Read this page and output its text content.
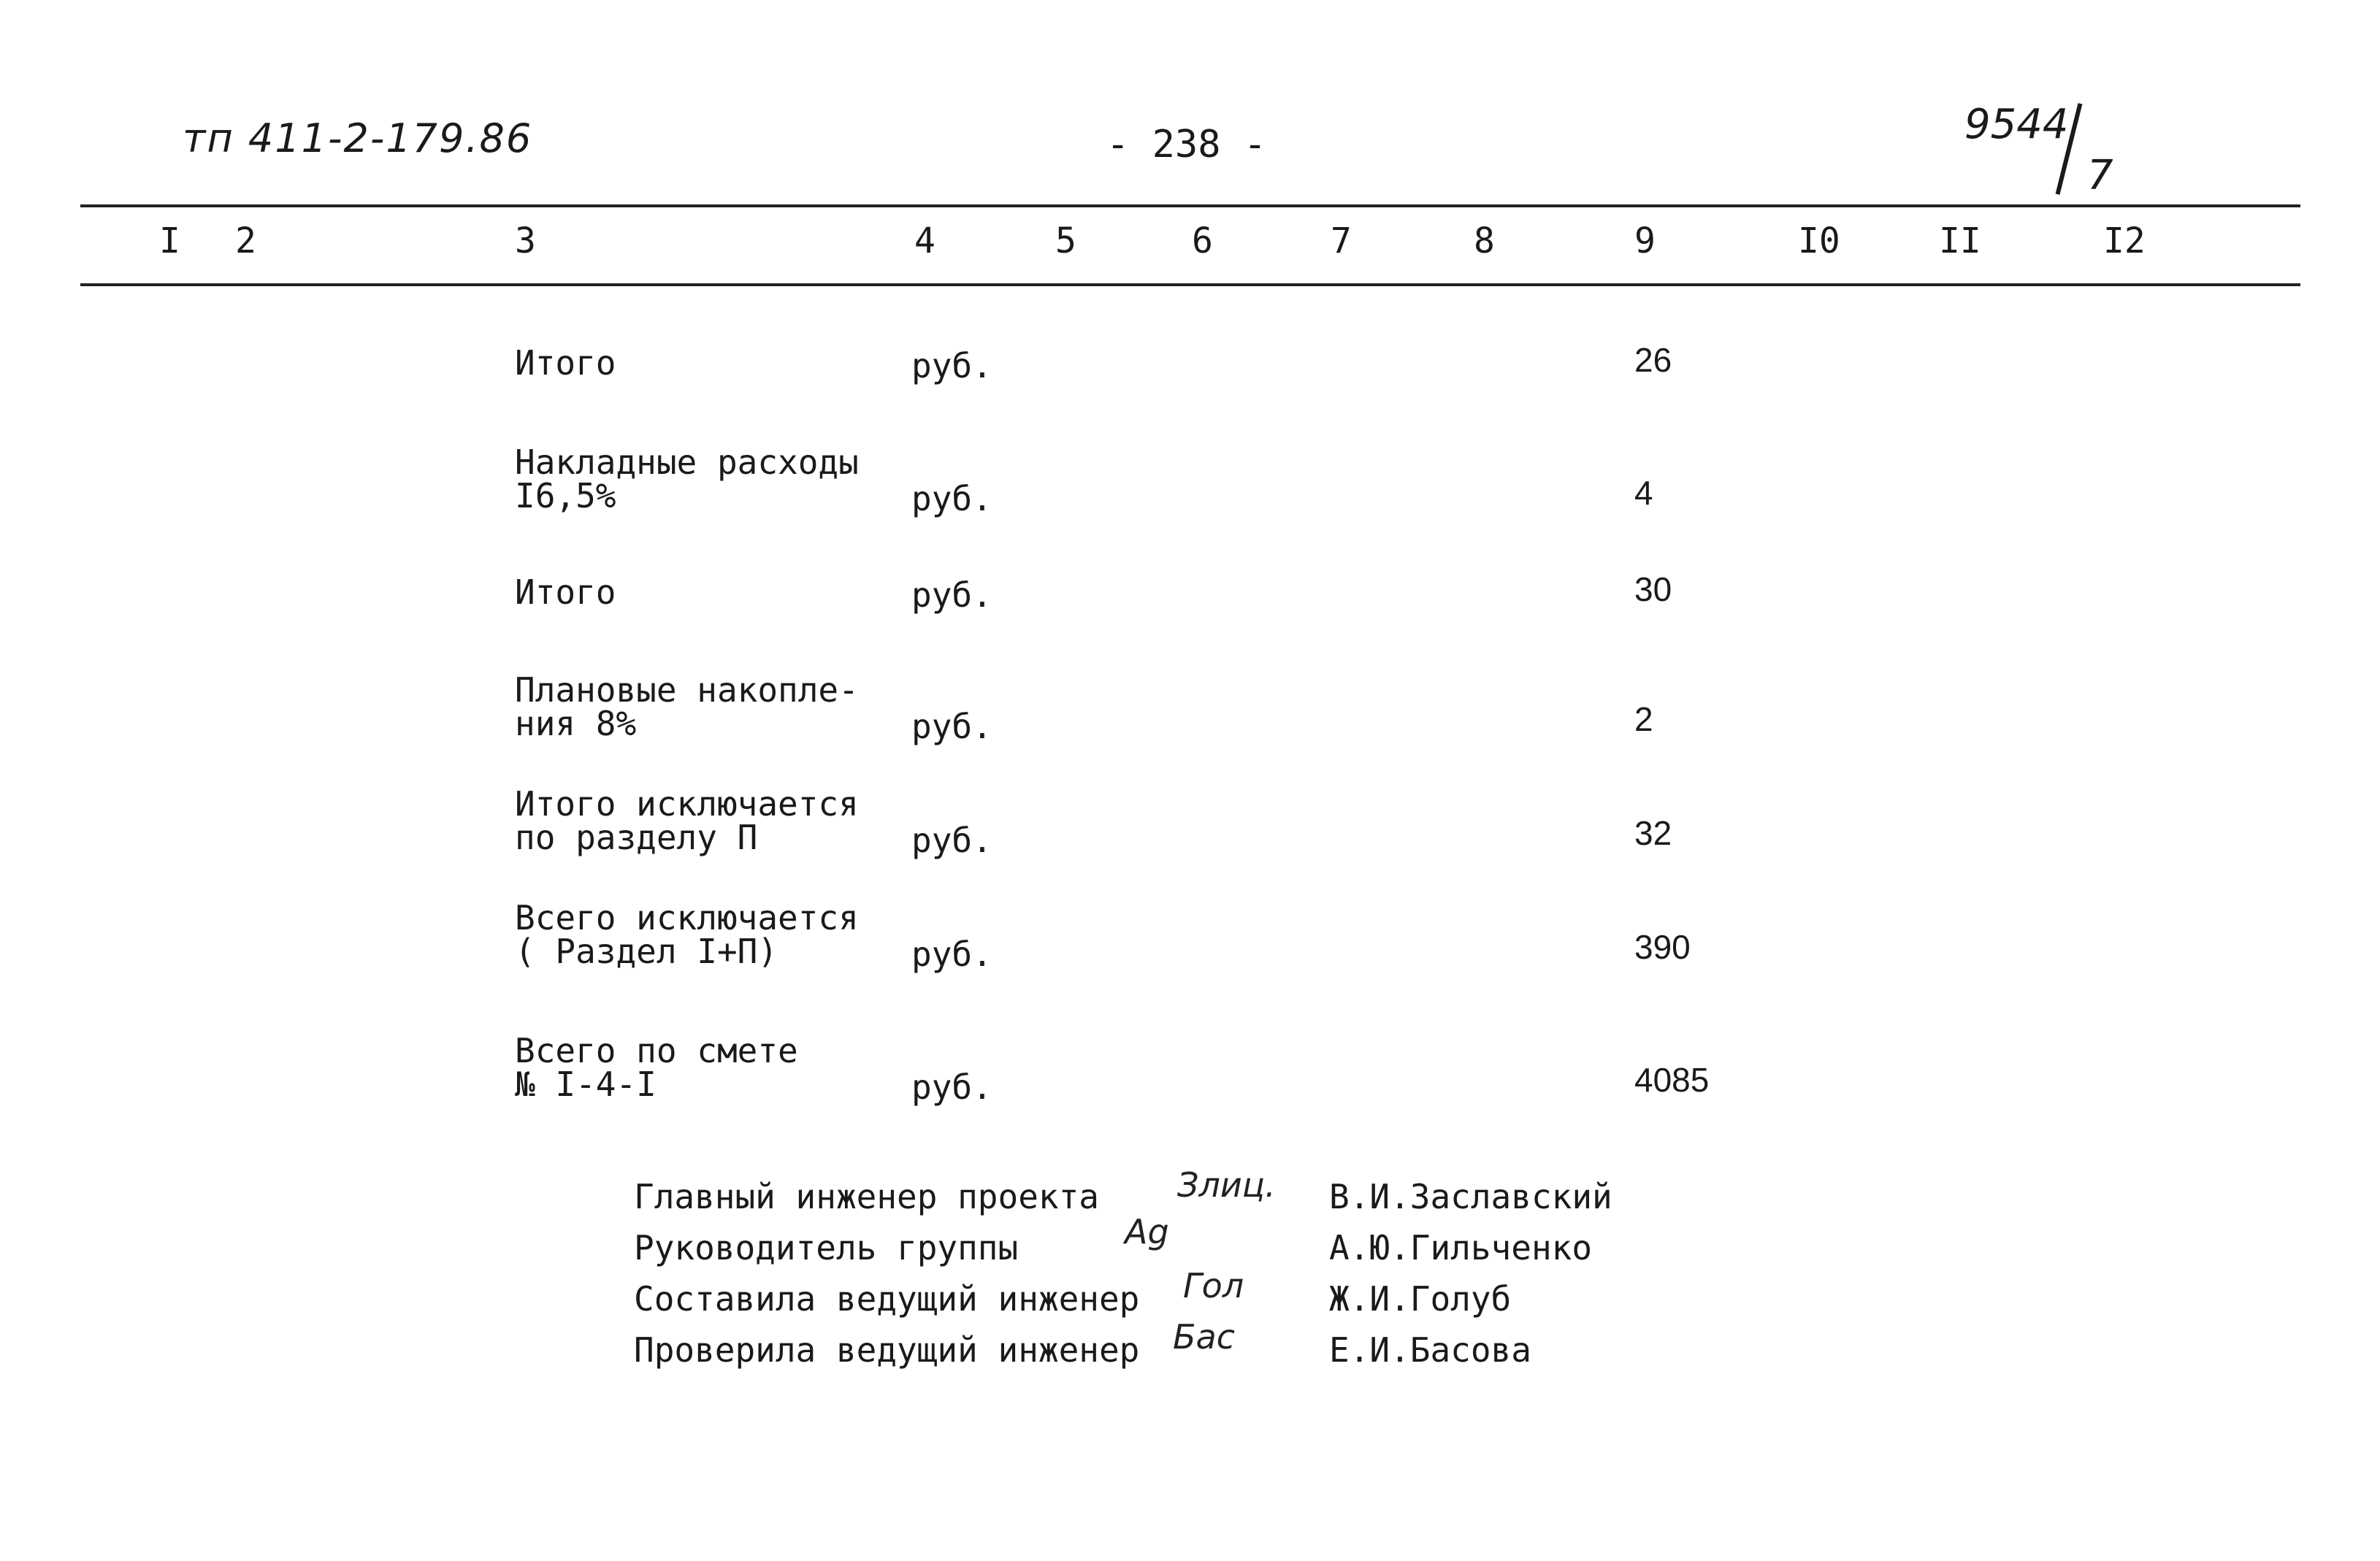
тп 411-2-179.86	- 238 -	9544
7
I 2	3	4	5	6	7	8	9	I0	II	I2
Итого	руб.	26
Накладные расходы
I6,5%	руб.	4
Итого	руб.	30
Плановые накопле-
ния 8%	руб.	2
Итого исключается
по разделу П	руб.	32
Всего исключается
( Раздел I+П)	руб.	390
Всего по смете
№ I-4-I	руб.	4085
Главный инженер проекта Злиц. В.И.Заславский
Руководитель группы	Ag	А.Ю.Гильченко
Составила ведущий инженер Гол	Ж.И.Голуб
Проверила ведущий инженер Бас	Е.И.Басова
